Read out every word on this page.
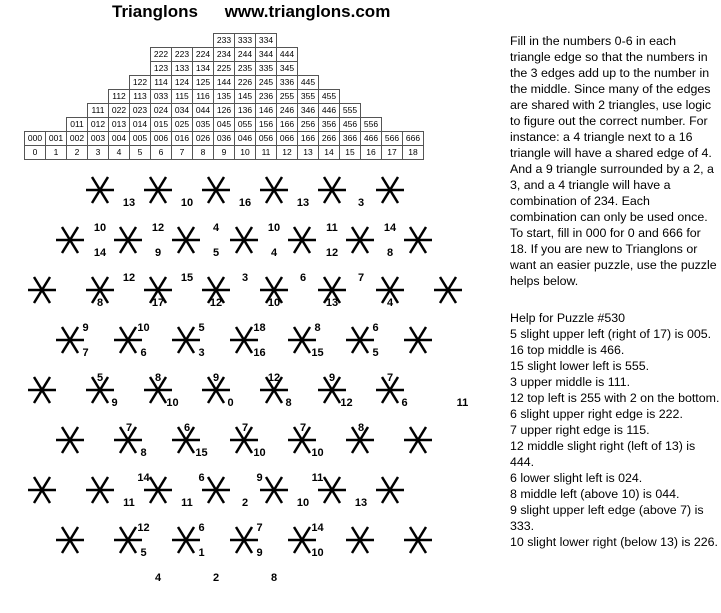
Trianglons www.trianglons.com
									233	333	334							
						222	223	224	234	244	344	444						
						123	133	134	225	235	335	345						
					122	114	124	125	144	226	245	336	445					
				112	113	033	115	116	135	145	236	255	355	455				
			111	022	023	024	034	044	126	136	146	246	346	446	555			
		011	012	013	014	015	025	035	045	055	156	166	256	356	456	556		
000	001	002	003	004	005	006	016	026	036	046	056	066	166	266	366	466	566	666
0	1	2	3	4	5	6	7	8	9	10	11	12	13	14	15	16	17	18
13	10	16	13	3
10	12	4	10	11	14
14	9	5	4	12	8
12	15	3	6	7
8	17	12	10	13	4
9	10	5	18	8	6
7	6	3	16	15	5
5	8	9	12	9	7
9	10	0	8	12	6	11
7	6	7	7	8
8	15	10	10
14	6	9	11
11	11	2	10	13
12	6	7	14
5	1	9	10
4	2	8
Fill in the numbers 0-6 in each triangle edge so that the numbers in the 3 edges add up to the number in the middle. Since many of the edges are shared with 2 triangles, use logic to figure out the correct number. For instance: a 4 triangle next to a 16 triangle will have a shared edge of 4. And a 9 triangle surrounded by a 2, a 3, and a 4 triangle will have a combination of 234. Each combination can only be used once. To start, fill in 000 for 0 and 666 for 18. If you are new to Trianglons or want an easier puzzle, use the puzzle helps below.
Help for Puzzle #530
5 slight upper left (right of 17) is 005.
16 top middle is 466.
15 slight lower left is 555.
3 upper middle is 111.
12 top left is 255 with 2 on the bottom.
6 slight upper right edge is 222.
7 upper right edge is 115.
12 middle slight right (left of 13) is 444.
6 lower slight left is 024.
8 middle left (above 10) is 044.
9 slight upper left edge (above 7) is 333.
10 slight lower right (below 13) is 226.
